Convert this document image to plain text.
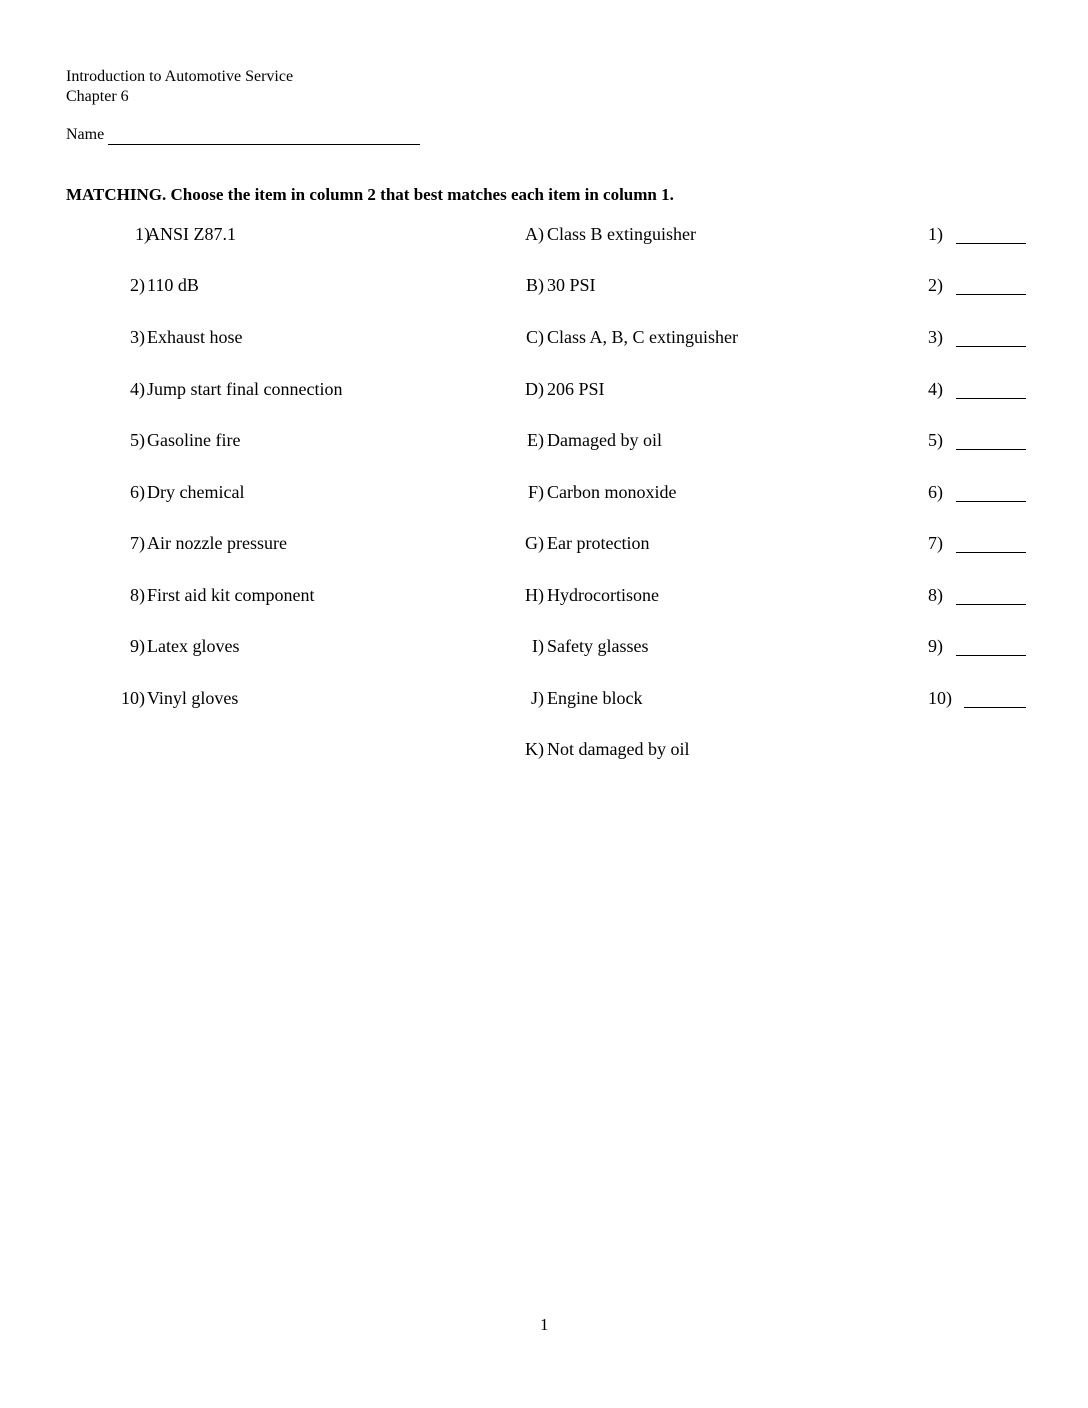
Introduction to Automotive Service
Chapter 6
Name
MATCHING. Choose the item in column 2 that best matches each item in column 1.
1)
ANSI Z87.1
2) 110 dB
3) Exhaust hose
4) Jump start final connection
5) Gasoline fire
6) Dry chemical
7) Air nozzle pressure
8) First aid kit component
9) Latex gloves
10) Vinyl gloves
A) Class B extinguisher
B) 30 PSI
C) Class A, B, C extinguisher
D) 206 PSI
E) Damaged by oil
F) Carbon monoxide
G) Ear protection
H) Hydrocortisone
I) Safety glasses
J) Engine block
K) Not damaged by oil
1)
2)
3)
4)
5)
6)
7)
8)
9)
10)
1
